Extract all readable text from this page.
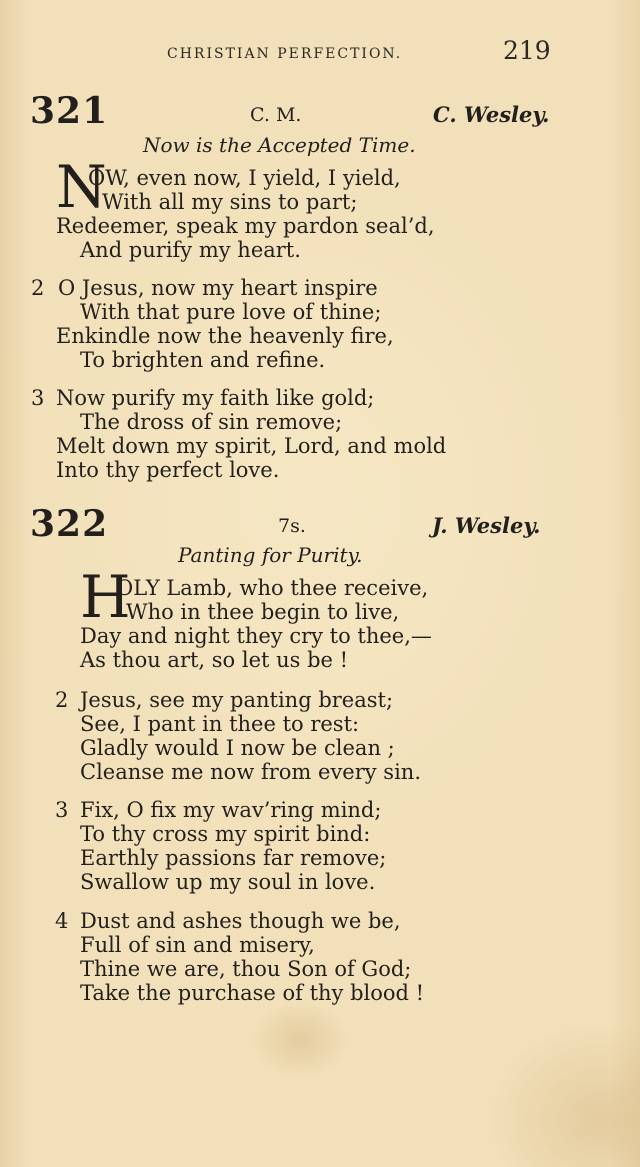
CHRISTIAN PERFECTION.	219
321	C. M.	C. Wesley.
Now is the Accepted Time.
N
OW, even now, I yield, I yield,
With all my sins to part;
Redeemer, speak my pardon seal’d,
And purify my heart.
2 O Jesus, now my heart inspire
With that pure love of thine;
Enkindle now the heavenly fire,
To brighten and refine.
3 Now purify my faith like gold;
The dross of sin remove;
Melt down my spirit, Lord, and mold
Into thy perfect love.
322	7s.	J. Wesley.
Panting for Purity.
H
OLY Lamb, who thee receive,
Who in thee begin to live,
Day and night they cry to thee,—
As thou art, so let us be !
2 Jesus, see my panting breast;
See, I pant in thee to rest:
Gladly would I now be clean ;
Cleanse me now from every sin.
3 Fix, O fix my wav’ring mind;
To thy cross my spirit bind:
Earthly passions far remove;
Swallow up my soul in love.
4 Dust and ashes though we be,
Full of sin and misery,
Thine we are, thou Son of God;
Take the purchase of thy blood !
